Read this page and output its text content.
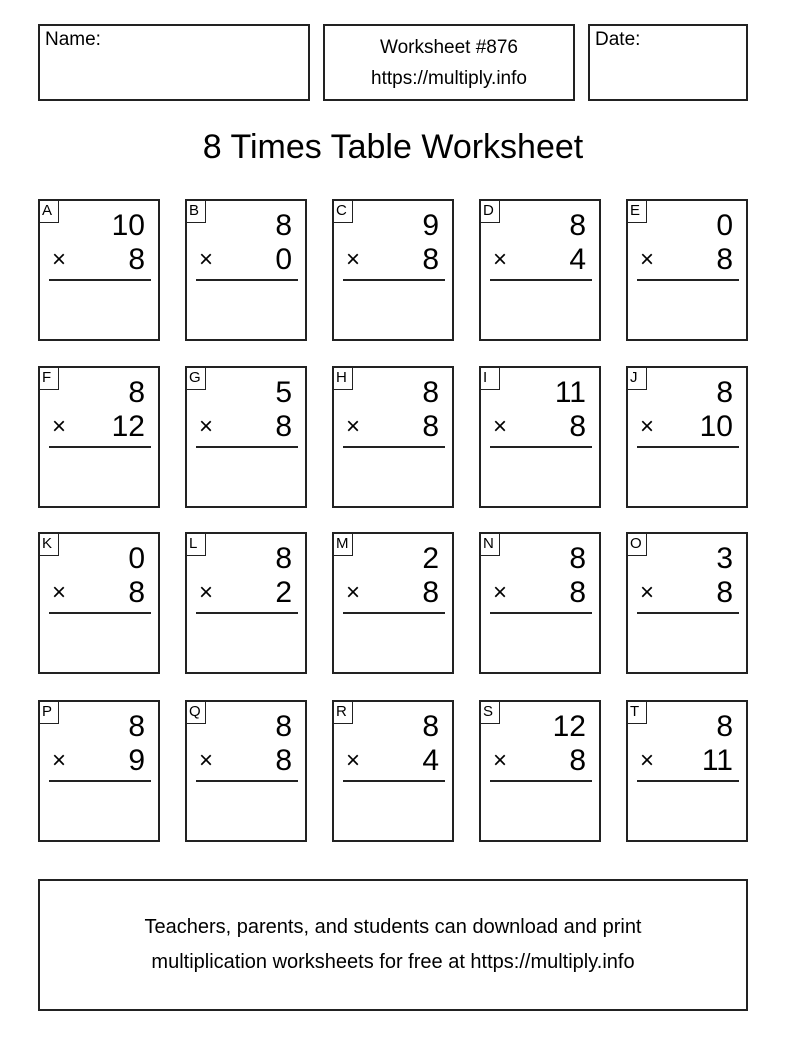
Name:	Worksheet #876
https://multiply.info
Date:
8 Times Table Worksheet
A 10
× 8
B	8
× 0
C	9
× 8
D	8
× 4
E	0
× 8
F	8
× 12
G 5
× 8
H	8
× 8
I	11
× 8
J	8
× 10
K	0
× 8
L	8
× 2
M 2
× 8
N	8
× 8
O 3
× 8
P	8
× 9
Q 8
× 8
R	8
× 4
S 12
× 8
T	8
× 11
Teachers, parents, and students can download and print
multiplication worksheets for free at https://multiply.info
